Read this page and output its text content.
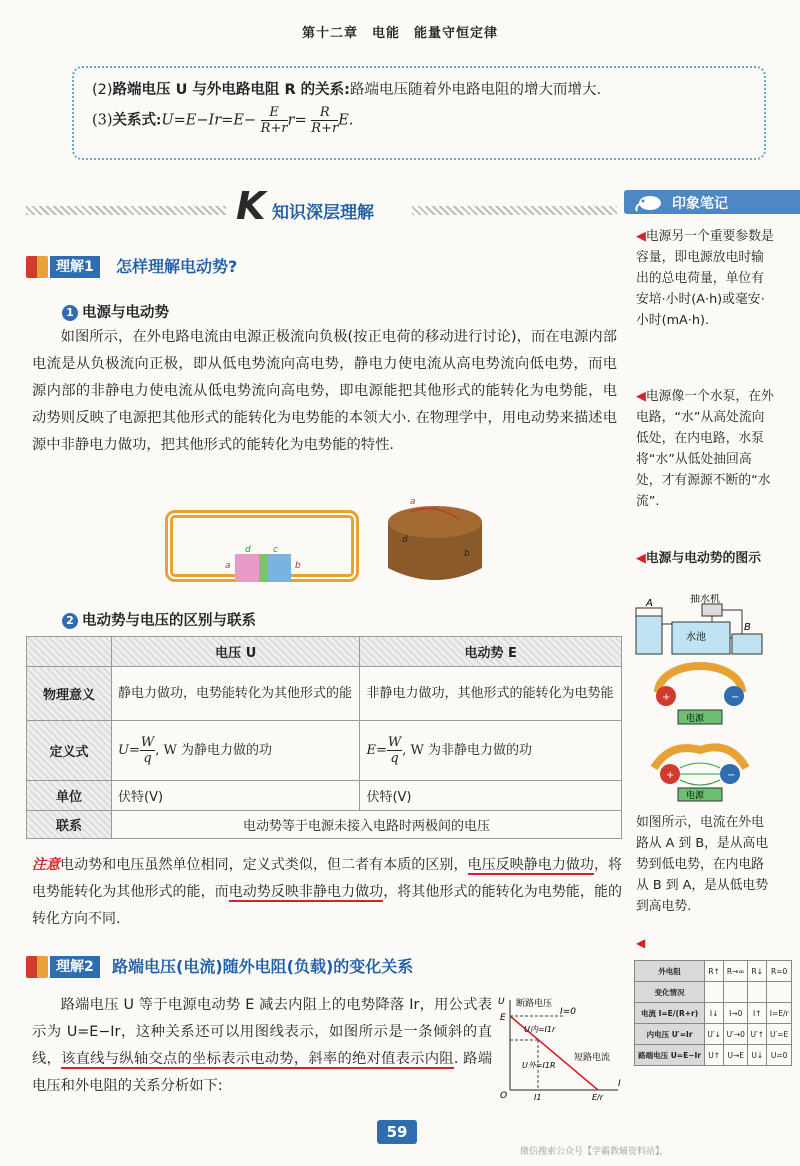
第十二章　电能　能量守恒定律
(2)路端电压 U 与外电路电阻 R 的关系:路端电压随着外电路电阻的增大而增大.
(3)关系式:U=E−Ir=E− $\frac{E}{R+r} r= \frac{R}{R+r} E$.
K 知识深层理解	印象笔记
◀电源另一个重要参数是容量，即电源放电时输出的总电荷量，单位有安培·小时(A·h)或毫安·小时(mA·h).
◀电源像一个水泵，在外电路，“水”从高处流向低处，在内电路，水泵将“水”从低处抽回高处，才有源源不断的“水流”.
◀电源与电动势的图示
A
B
抽水机
水池
+	−
电源
+	−
电源
如图所示，电流在外电路从 A 到 B，是从高电势到低电势，在内电路从 B 到 A，是从低电势到高电势.
◀
外电阻	R↑	R→∞	R↓	R=0
变化情况				
电流 I=E/(R+r)	I↓	I→0	I↑	I=E/r
内电压 U′=Ir	U′↓	U′→0	U′↑	U′=E
路端电压 U=E−Ir	U↑	U→E	U↓	U=0
理解1	怎样理解电动势?
1 电源与电动势
如图所示，在外电路电流由电源正极流向负极(按正电荷的移动进行讨论)，而在电源内部电流是从负极流向正极，即从低电势流向高电势，静电力使电流从高电势流向低电势，而电源内部的非静电力使电流从低电势流向高电势，即电源能把其他形式的能转化为电势能，电动势则反映了电源把其他形式的能转化为电势能的本领大小. 在物理学中，用电动势来描述电源中非静电力做功，把其他形式的能转化为电势能的特性.
a
d c
b
a
d
b
2 电动势与电压的区别与联系
	电压 U	电动势 E
物理意义	静电力做功，电势能转化为其他形式的能	非静电力做功，其他形式的能转化为电势能
定义式	$U= \frac{W}{q}$ , W 为静电力做的功	$E= \frac{W}{q}$ , W 为非静电力做的功
单位	伏特(V)	伏特(V)
联系	电动势等于电源未接入电路时两极间的电压	
注意电动势和电压虽然单位相同，定义式类似，但二者有本质的区别，电压反映静电力做功，将电势能转化为其他形式的能，而电动势反映非静电力做功，将其他形式的能转化为电势能，能的转化方向不同.
理解2	路端电压(电流)随外电阻(负载)的变化关系
路端电压 U 等于电源电动势 E 减去内阻上的电势降落 Ir，用公式表示为 U=E−Ir，这种关系还可以用图线表示，如图所示是一条倾斜的直线，该直线与纵轴交点的坐标表示电动势，斜率的绝对值表示内阻. 路端电压和外电阻的关系分析如下:
断路电压
I=0
短路电流
U内=I1r
U外=I1R
U
I
O
E
I1	E/r
59
微信搜索公众号【学霸教辅资料站】，
